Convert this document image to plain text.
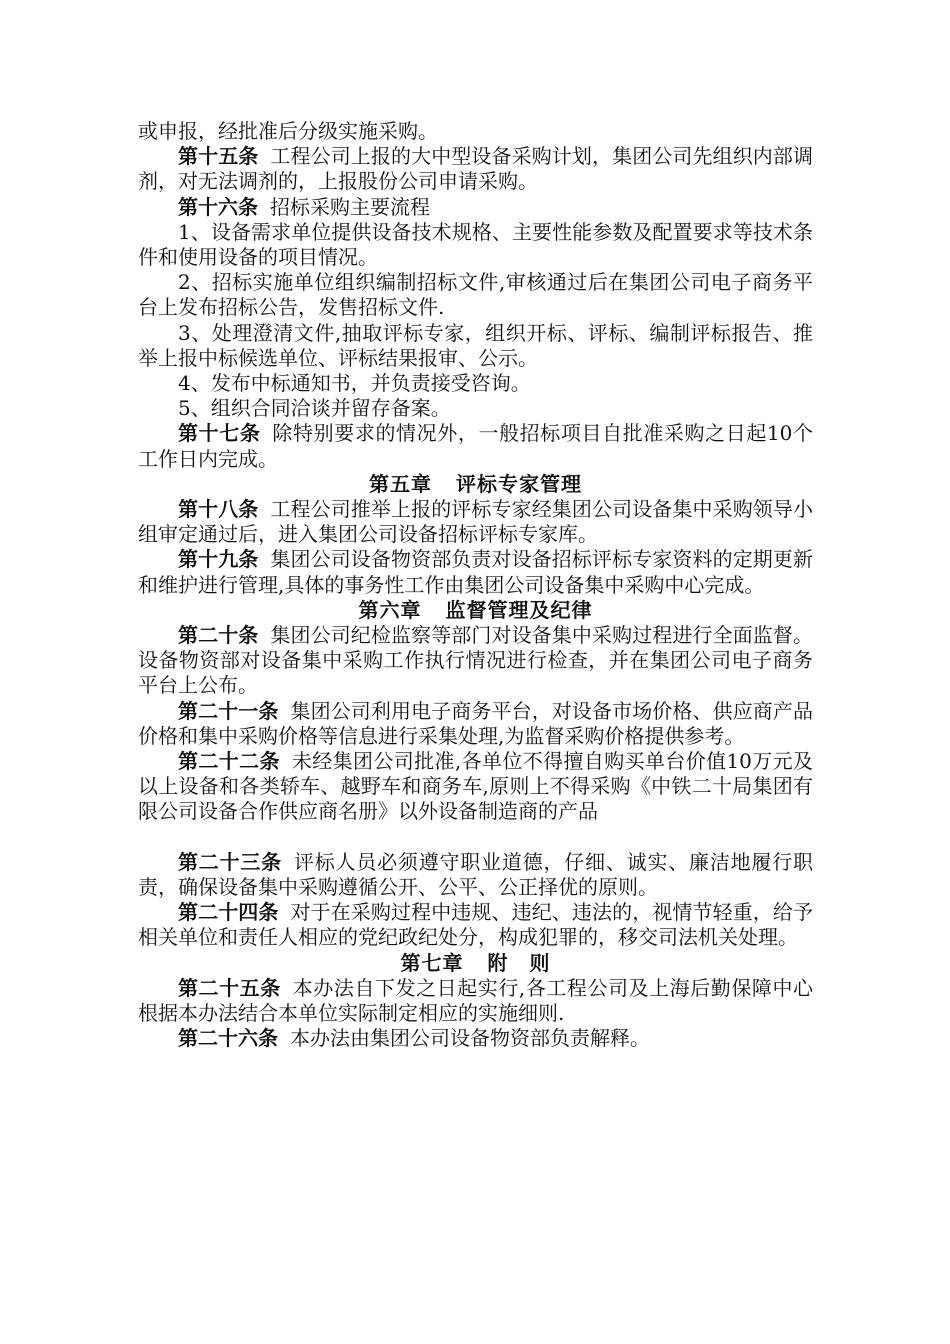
或申报，经批准后分级实施采购。

第十五条 工程公司上报的大中型设备采购计划，集团公司先组织内部调剂，对无法调剂的，上报股份公司申请采购。

第十六条 招标采购主要流程

1、设备需求单位提供设备技术规格、主要性能参数及配置要求等技术条件和使用设备的项目情况。

2、招标实施单位组织编制招标文件,审核通过后在集团公司电子商务平台上发布招标公告，发售招标文件.

3、处理澄清文件,抽取评标专家，组织开标、评标、编制评标报告、推举上报中标候选单位、评标结果报审、公示。

4、发布中标通知书，并负责接受咨询。

5、组织合同洽谈并留存备案。

第十七条 除特别要求的情况外，一般招标项目自批准采购之日起10个工作日内完成。

第五章 评标专家管理

第十八条 工程公司推举上报的评标专家经集团公司设备集中采购领导小组审定通过后，进入集团公司设备招标评标专家库。

第十九条 集团公司设备物资部负责对设备招标评标专家资料的定期更新和维护进行管理,具体的事务性工作由集团公司设备集中采购中心完成。

第六章 监督管理及纪律

第二十条 集团公司纪检监察等部门对设备集中采购过程进行全面监督。设备物资部对设备集中采购工作执行情况进行检查，并在集团公司电子商务平台上公布。

第二十一条 集团公司利用电子商务平台，对设备市场价格、供应商产品价格和集中采购价格等信息进行采集处理,为监督采购价格提供参考。

第二十二条 未经集团公司批准,各单位不得擅自购买单台价值10万元及以上设备和各类轿车、越野车和商务车,原则上不得采购《中铁二十局集团有限公司设备合作供应商名册》以外设备制造商的产品

第二十三条 评标人员必须遵守职业道德，仔细、诚实、廉洁地履行职责，确保设备集中采购遵循公开、公平、公正择优的原则。

第二十四条 对于在采购过程中违规、违纪、违法的，视情节轻重，给予相关单位和责任人相应的党纪政纪处分，构成犯罪的，移交司法机关处理。

第七章 附　则

第二十五条 本办法自下发之日起实行,各工程公司及上海后勤保障中心根据本办法结合本单位实际制定相应的实施细则.

第二十六条 本办法由集团公司设备物资部负责解释。
